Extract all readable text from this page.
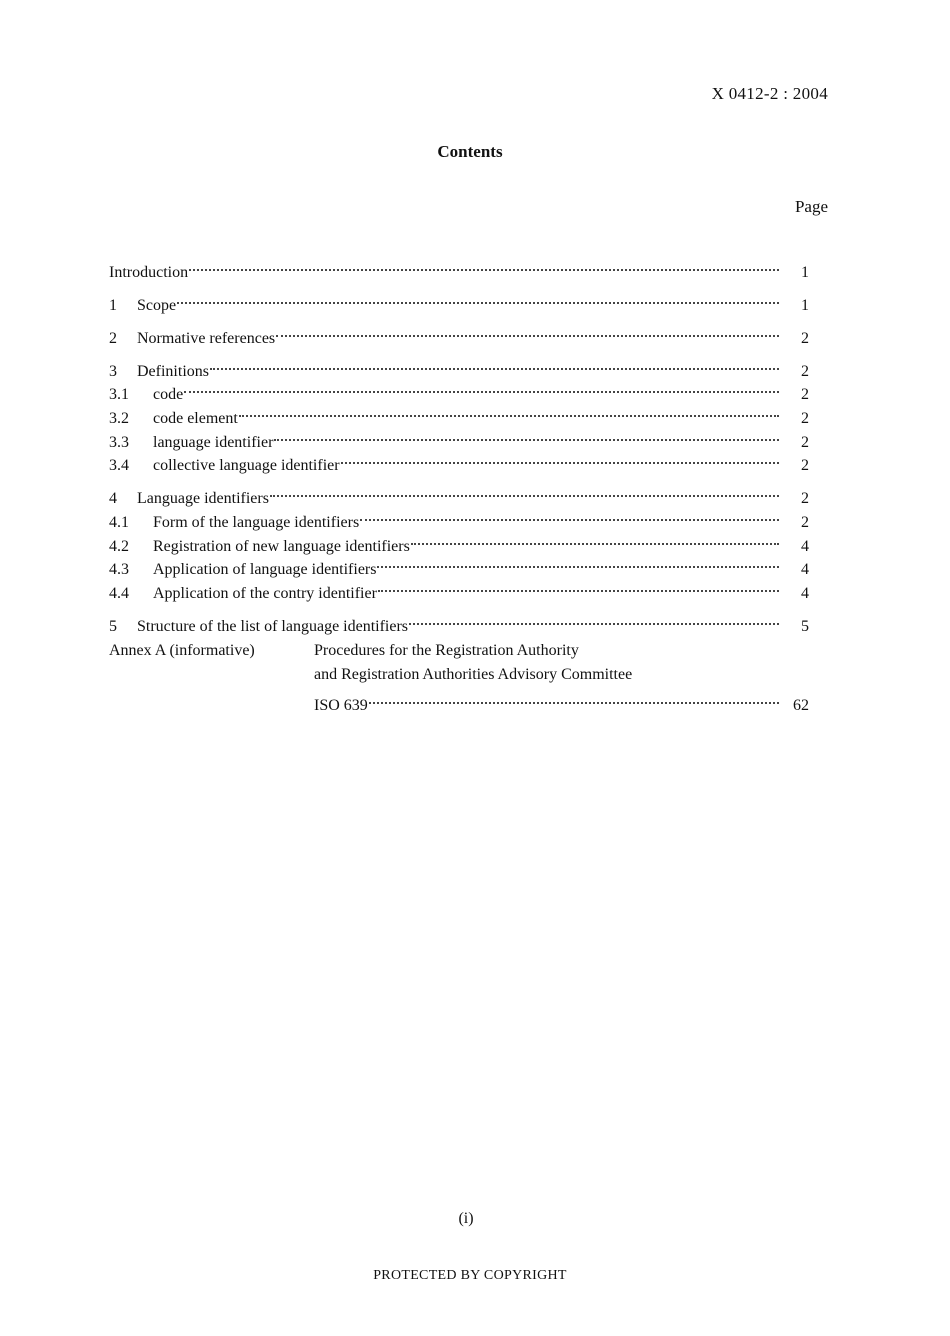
X 0412-2 : 2004
Contents
Page
Introduction	1
1	Scope	1
2	Normative references	2
3	Definitions	2
3.1	code	2
3.2	code element	2
3.3	language identifier	2
3.4	collective language identifier	2
4	Language identifiers	2
4.1	Form of the language identifiers	2
4.2	Registration of new language identifiers	4
4.3	Application of language identifiers	4
4.4	Application of the contry identifier	4
5	Structure of the list of language identifiers	5
Annex A (informative)	Procedures for the Registration Authority
and Registration Authorities Advisory Committee
ISO 639	62
(i)
PROTECTED BY COPYRIGHT
